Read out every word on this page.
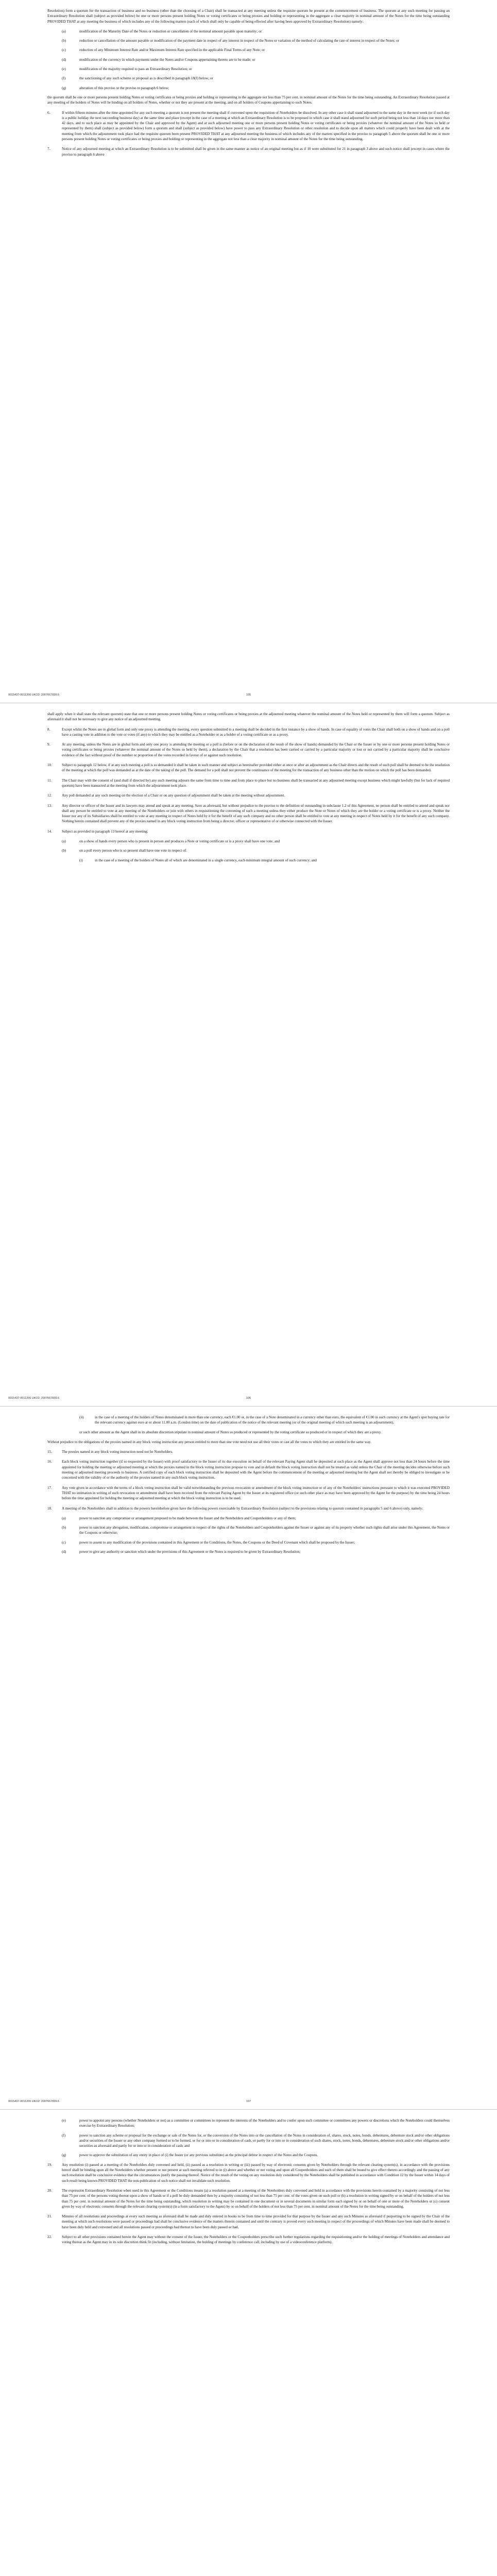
Resolution) form a quorum for the transaction of business and no business (other than the choosing of a Chair) shall be transacted at any meeting unless the requisite quorum be present at the commencement of business. The quorum at any such meeting for passing an Extraordinary Resolution shall (subject as provided below) be one or more persons present holding Notes or voting certificates or being proxies and holding or representing in the aggregate a clear majority in nominal amount of the Notes for the time being outstanding PROVIDED THAT at any meeting the business of which includes any of the following matters (each of which shall only be capable of being effected after having been approved by Extraordinary Resolution) namely:

(a)	modification of the Maturity Date of the Notes or reduction or cancellation of the nominal amount payable upon maturity; or
(b)	reduction or cancellation of the amount payable or modification of the payment date in respect of any interest in respect of the Notes or variation of the method of calculating the rate of interest in respect of the Notes; or
(c)	reduction of any Minimum Interest Rate and/or Maximum Interest Rate specified in the applicable Final Terms of any Note; or
(d)	modification of the currency in which payments under the Notes and/or Coupons appertaining thereto are to be made; or
(e)	modification of the majority required to pass an Extraordinary Resolution; or
(f)	the sanctioning of any such scheme or proposal as is described in paragraph 18(f) below; or
(g)	alteration of this proviso or the proviso to paragraph 6 below;

the quorum shall be one or more persons present holding Notes or voting certificates or being proxies and holding or representing in the aggregate not less than 75 per cent. in nominal amount of the Notes for the time being outstanding. An Extraordinary Resolution passed at any meeting of the holders of Notes will be binding on all holders of Notes, whether or not they are present at the meeting, and on all holders of Coupons appertaining to such Notes.

6.	If within fifteen minutes after the time appointed for any such meeting a quorum is not present the meeting shall if convened upon the requisition of Noteholders be dissolved. In any other case it shall stand adjourned to the same day in the next week (or if such day is a public holiday the next succeeding business day) at the same time and place (except in the case of a meeting at which an Extraordinary Resolution is to be proposed in which case it shall stand adjourned for such period being not less than 14 days nor more than 42 days, and to such place as may be appointed by the Chair and approved by the Agent) and at such adjourned meeting one or more persons present holding Notes or voting certificates or being proxies (whatever the nominal amount of the Notes so held or represented by them) shall (subject as provided below) form a quorum and shall (subject as provided below) have power to pass any Extraordinary Resolution or other resolution and to decide upon all matters which could properly have been dealt with at the meeting from which the adjournment took place had the requisite quorum been present PROVIDED THAT at any adjourned meeting the business of which includes any of the matters specified in the proviso to paragraph 5 above the quorum shall be one or more persons present holding Notes or voting certificates or being proxies and holding or representing in the aggregate not less than a clear majority in nominal amount of the Notes for the time being outstanding.
7.	Notice of any adjourned meeting at which an Extraordinary Resolution is to be submitted shall be given in the same manner as notice of an original meeting but as if 10 were substituted for 21 in paragraph 3 above and such notice shall (except in cases where the proviso to paragraph 6 above
0015437-0011206 UKO2: 2007667839.6	105

shall apply when it shall state the relevant quorum) state that one or more persons present holding Notes or voting certificates or being proxies at the adjourned meeting whatever the nominal amount of the Notes held or represented by them will form a quorum. Subject as aforesaid it shall not be necessary to give any notice of an adjourned meeting.

8.	Except whilst the Notes are in global form and only one proxy is attending the meeting, every question submitted to a meeting shall be decided in the first instance by a show of hands. In case of equality of votes the Chair shall both on a show of hands and on a poll have a casting vote in addition to the vote or votes (if any) to which they may be entitled as a Noteholder or as a holder of a voting certificate or as a proxy.
9.	At any meeting, unless the Notes are in global form and only one proxy is attending the meeting or a poll is (before or on the declaration of the result of the show of hands) demanded by the Chair or the Issuer or by one or more persons present holding Notes or voting certificates or being proxies (whatever the nominal amount of the Notes so held by them), a declaration by the Chair that a resolution has been carried or carried by a particular majority or lost or not carried by a particular majority shall be conclusive evidence of the fact without proof of the number or proportion of the votes recorded in favour of or against such resolution.
10.	Subject to paragraph 12 below, if at any such meeting a poll is so demanded it shall be taken in such manner and subject as hereinafter provided either at once or after an adjournment as the Chair directs and the result of such poll shall be deemed to be the resolution of the meeting at which the poll was demanded as at the date of the taking of the poll. The demand for a poll shall not prevent the continuance of the meeting for the transaction of any business other than the motion on which the poll has been demanded.
11.	The Chair may with the consent of (and shall if directed by) any such meeting adjourn the same from time to time and from place to place but no business shall be transacted at any adjourned meeting except business which might lawfully (but for lack of required quorum) have been transacted at the meeting from which the adjournment took place.
12.	Any poll demanded at any such meeting on the election of a Chair or on any question of adjournment shall be taken at the meeting without adjournment.
13.	Any director or officer of the Issuer and its lawyers may attend and speak at any meeting. Save as aforesaid, but without prejudice to the proviso to the definition of outstanding in subclause 1.2 of this Agreement, no person shall be entitled to attend and speak nor shall any person be entitled to vote at any meeting of the Noteholders or join with others in requisitioning the convening of such a meeting unless they either produce the Note or Notes of which they are the holder or a voting certificate or is a proxy. Neither the Issuer nor any of its Subsidiaries shall be entitled to vote at any meeting in respect of Notes held by it for the benefit of any such company and no other person shall be entitled to vote at any meeting in respect of Notes held by it for the benefit of any such company. Nothing herein contained shall prevent any of the proxies named in any block voting instruction from being a director, officer or representative of or otherwise connected with the Issuer.
14.	Subject as provided in paragraph 13 hereof at any meeting:
(a)	on a show of hands every person who is present in person and produces a Note or voting certificate or is a proxy shall have one vote; and
(b)	on a poll every person who is so present shall have one vote in respect of:
(i)	in the case of a meeting of the holders of Notes all of which are denominated in a single currency, each minimum integral amount of such currency; and
0015437-0011206 UKO2: 2007667839.6	106
(ii)	in the case of a meeting of the holders of Notes denominated in more than one currency, each €1.00 or, in the case of a Note denominated in a currency other than euro, the equivalent of €1.00 in such currency at the Agent's spot buying rate for the relevant currency against euro at or about 11.00 a.m. (London time) on the date of publication of the notice of the relevant meeting (or of the original meeting of which such meeting is an adjournment),

or such other amount as the Agent shall in its absolute discretion stipulate in nominal amount of Notes so produced or represented by the voting certificate so produced or in respect of which they are a proxy.

Without prejudice to the obligations of the proxies named in any block voting instruction any person entitled to more than one vote need not use all their votes or cast all the votes to which they are entitled in the same way.

15.	The proxies named in any block voting instruction need not be Noteholders.
16.	Each block voting instruction together (if so requested by the Issuer) with proof satisfactory to the Issuer of its due execution on behalf of the relevant Paying Agent shall be deposited at such place as the Agent shall approve not less than 24 hours before the time appointed for holding the meeting or adjourned meeting at which the proxies named in the block voting instruction propose to vote and in default the block voting instruction shall not be treated as valid unless the Chair of the meeting decides otherwise before such meeting or adjourned meeting proceeds to business. A certified copy of each block voting instruction shall be deposited with the Agent before the commencement of the meeting or adjourned meeting but the Agent shall not thereby be obliged to investigate or be concerned with the validity of or the authority of the proxies named in any such block voting instruction.
17.	Any vote given in accordance with the terms of a block voting instruction shall be valid notwithstanding the previous revocation or amendment of the block voting instruction or of any of the Noteholders' instructions pursuant to which it was executed PROVIDED THAT no intimation in writing of such revocation or amendment shall have been received from the relevant Paying Agent by the Issuer at its registered office (or such other place as may have been approved by the Agent for the purpose) by the time being 24 hours before the time appointed for holding the meeting or adjourned meeting at which the block voting instruction is to be used.
18.	A meeting of the Noteholders shall in addition to the powers hereinbefore given have the following powers exercisable by Extraordinary Resolution (subject to the provisions relating to quorum contained in paragraphs 5 and 6 above) only, namely:
(a)	power to sanction any compromise or arrangement proposed to be made between the Issuer and the Noteholders and Couponholders or any of them;
(b)	power to sanction any abrogation, modification, compromise or arrangement in respect of the rights of the Noteholders and Couponholders against the Issuer or against any of its property whether such rights shall arise under this Agreement, the Notes or the Coupons or otherwise;
(c)	power to assent to any modification of the provisions contained in this Agreement or the Conditions, the Notes, the Coupons or the Deed of Covenant which shall be proposed by the Issuer;
(d)	power to give any authority or sanction which under the provisions of this Agreement or the Notes is required to be given by Extraordinary Resolution;
0015437-0011206 UKO2: 2007667839.6	107
(e)	power to appoint any persons (whether Noteholders or not) as a committee or committees to represent the interests of the Noteholders and to confer upon such committee or committees any powers or discretions which the Noteholders could themselves exercise by Extraordinary Resolution;
(f)	power to sanction any scheme or proposal for the exchange or sale of the Notes for, or the conversion of the Notes into or the cancellation of the Notes in consideration of, shares, stock, notes, bonds, debentures, debenture stock and/or other obligations and/or securities of the Issuer or any other company formed or to be formed, or for or into or in consideration of cash, or partly for or into or in consideration of such shares, stock, notes, bonds, debentures, debenture stock and/or other obligations and/or securities as aforesaid and partly for or into or in consideration of cash; and
(g)	power to approve the substitution of any entity in place of (i) the Issuer (or any previous substitute) as the principal debtor in respect of the Notes and the Coupons.
19.	Any resolution (i) passed at a meeting of the Noteholders duly convened and held, (ii) passed as a resolution in writing or (iii) passed by way of electronic consents given by Noteholders through the relevant clearing system(s), in accordance with the provisions hereof shall be binding upon all the Noteholders whether present or not present at such meeting referred to in (i) above and whether or not voting and upon all Couponholders and each of them shall be bound to give effect thereto accordingly and the passing of any such resolution shall be conclusive evidence that the circumstances justify the passing thereof. Notice of the result of the voting on any resolution duly considered by the Noteholders shall be published in accordance with Condition 12 by the Issuer within 14 days of such result being known PROVIDED THAT the non-publication of such notice shall not invalidate such resolution.
20.	The expression Extraordinary Resolution when used in this Agreement or the Conditions means (a) a resolution passed at a meeting of the Noteholders duly convened and held in accordance with the provisions herein contained by a majority consisting of not less than 75 per cent. of the persons voting thereat upon a show of hands or if a poll be duly demanded then by a majority consisting of not less than 75 per cent. of the votes given on such poll or (b) a resolution in writing signed by or on behalf of the holders of not less than 75 per cent. in nominal amount of the Notes for the time being outstanding, which resolution in writing may be contained in one document or in several documents in similar form each signed by or on behalf of one or more of the Noteholders or (c) consent given by way of electronic consents through the relevant clearing system(s) (in a form satisfactory to the Agent) by or on behalf of the holders of not less than 75 per cent. in nominal amount of the Notes for the time being outstanding.
21.	Minutes of all resolutions and proceedings at every such meeting as aforesaid shall be made and duly entered in books to be from time to time provided for that purpose by the Issuer and any such Minutes as aforesaid if purporting to be signed by the Chair of the meeting at which such resolutions were passed or proceedings had shall be conclusive evidence of the matters therein contained and until the contrary is proved every such meeting in respect of the proceedings of which Minutes have been made shall be deemed to have been duly held and convened and all resolutions passed or proceedings had thereat to have been duly passed or had.
22.	Subject to all other provisions contained herein the Agent may without the consent of the Issuer, the Noteholders or the Couponholders prescribe such further regulations regarding the requisitioning and/or the holding of meetings of Noteholders and attendance and voting thereat as the Agent may in its sole discretion think fit (including, without limitation, the holding of meetings by conference call, including by use of a videoconference platform).
